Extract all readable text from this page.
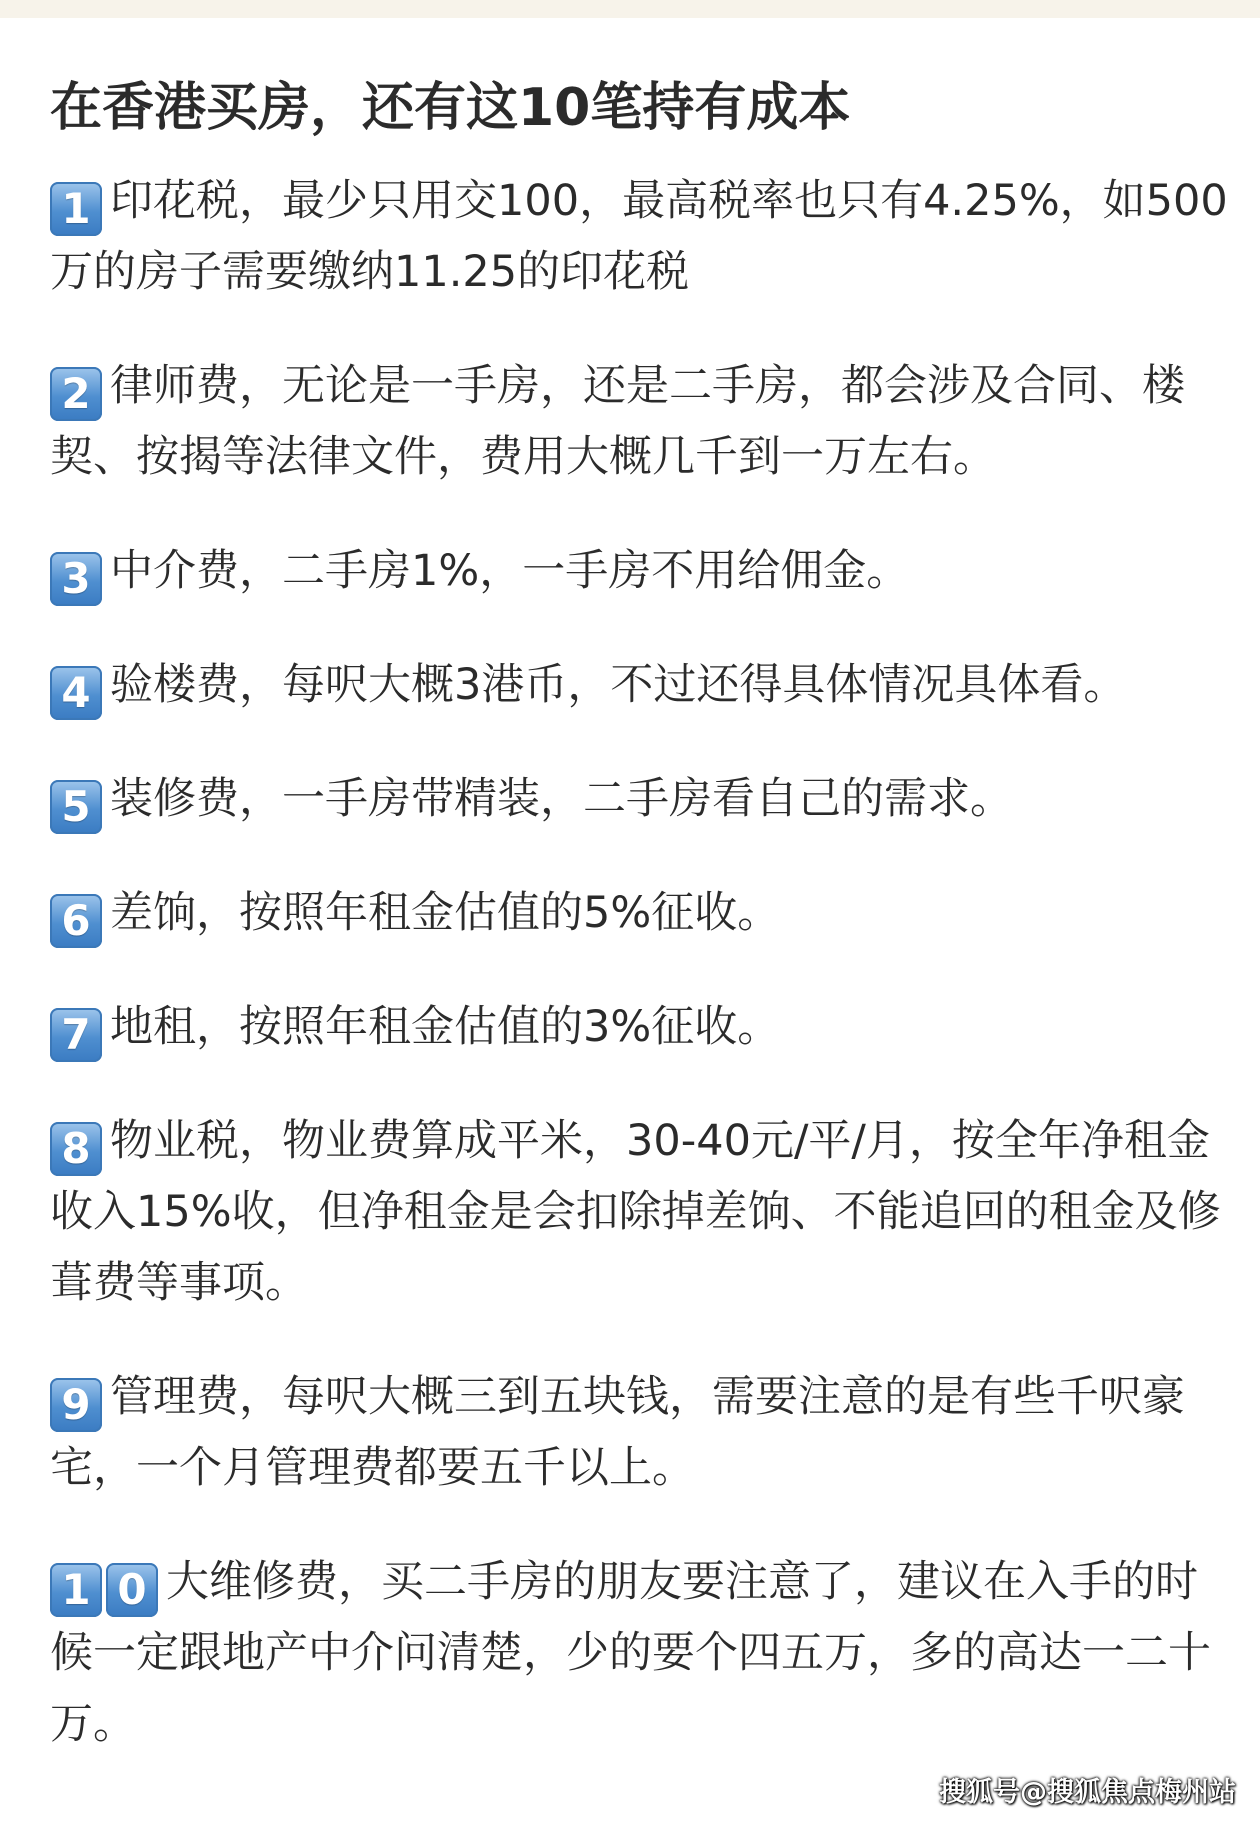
在香港买房，还有这10笔持有成本

1 印花税，最少只用交100，最高税率也只有4.25%，如500万的房子需要缴纳11.25的印花税

2 律师费，无论是一手房，还是二手房，都会涉及合同、楼契、按揭等法律文件，费用大概几千到一万左右。

3 中介费，二手房1%，一手房不用给佣金。

4 验楼费，每呎大概3港币，不过还得具体情况具体看。

5 装修费，一手房带精装，二手房看自己的需求。

6 差饷，按照年租金估值的5%征收。

7 地租，按照年租金估值的3%征收。

8 物业税，物业费算成平米，30-40元/平/月，按全年净租金收入15%收，但净租金是会扣除掉差饷、不能追回的租金及修葺费等事项。

9 管理费，每呎大概三到五块钱，需要注意的是有些千呎豪宅，一个月管理费都要五千以上。

1 0 大维修费，买二手房的朋友要注意了，建议在入手的时候一定跟地产中介问清楚，少的要个四五万，多的高达一二十万。

搜狐号@搜狐焦点梅州站
